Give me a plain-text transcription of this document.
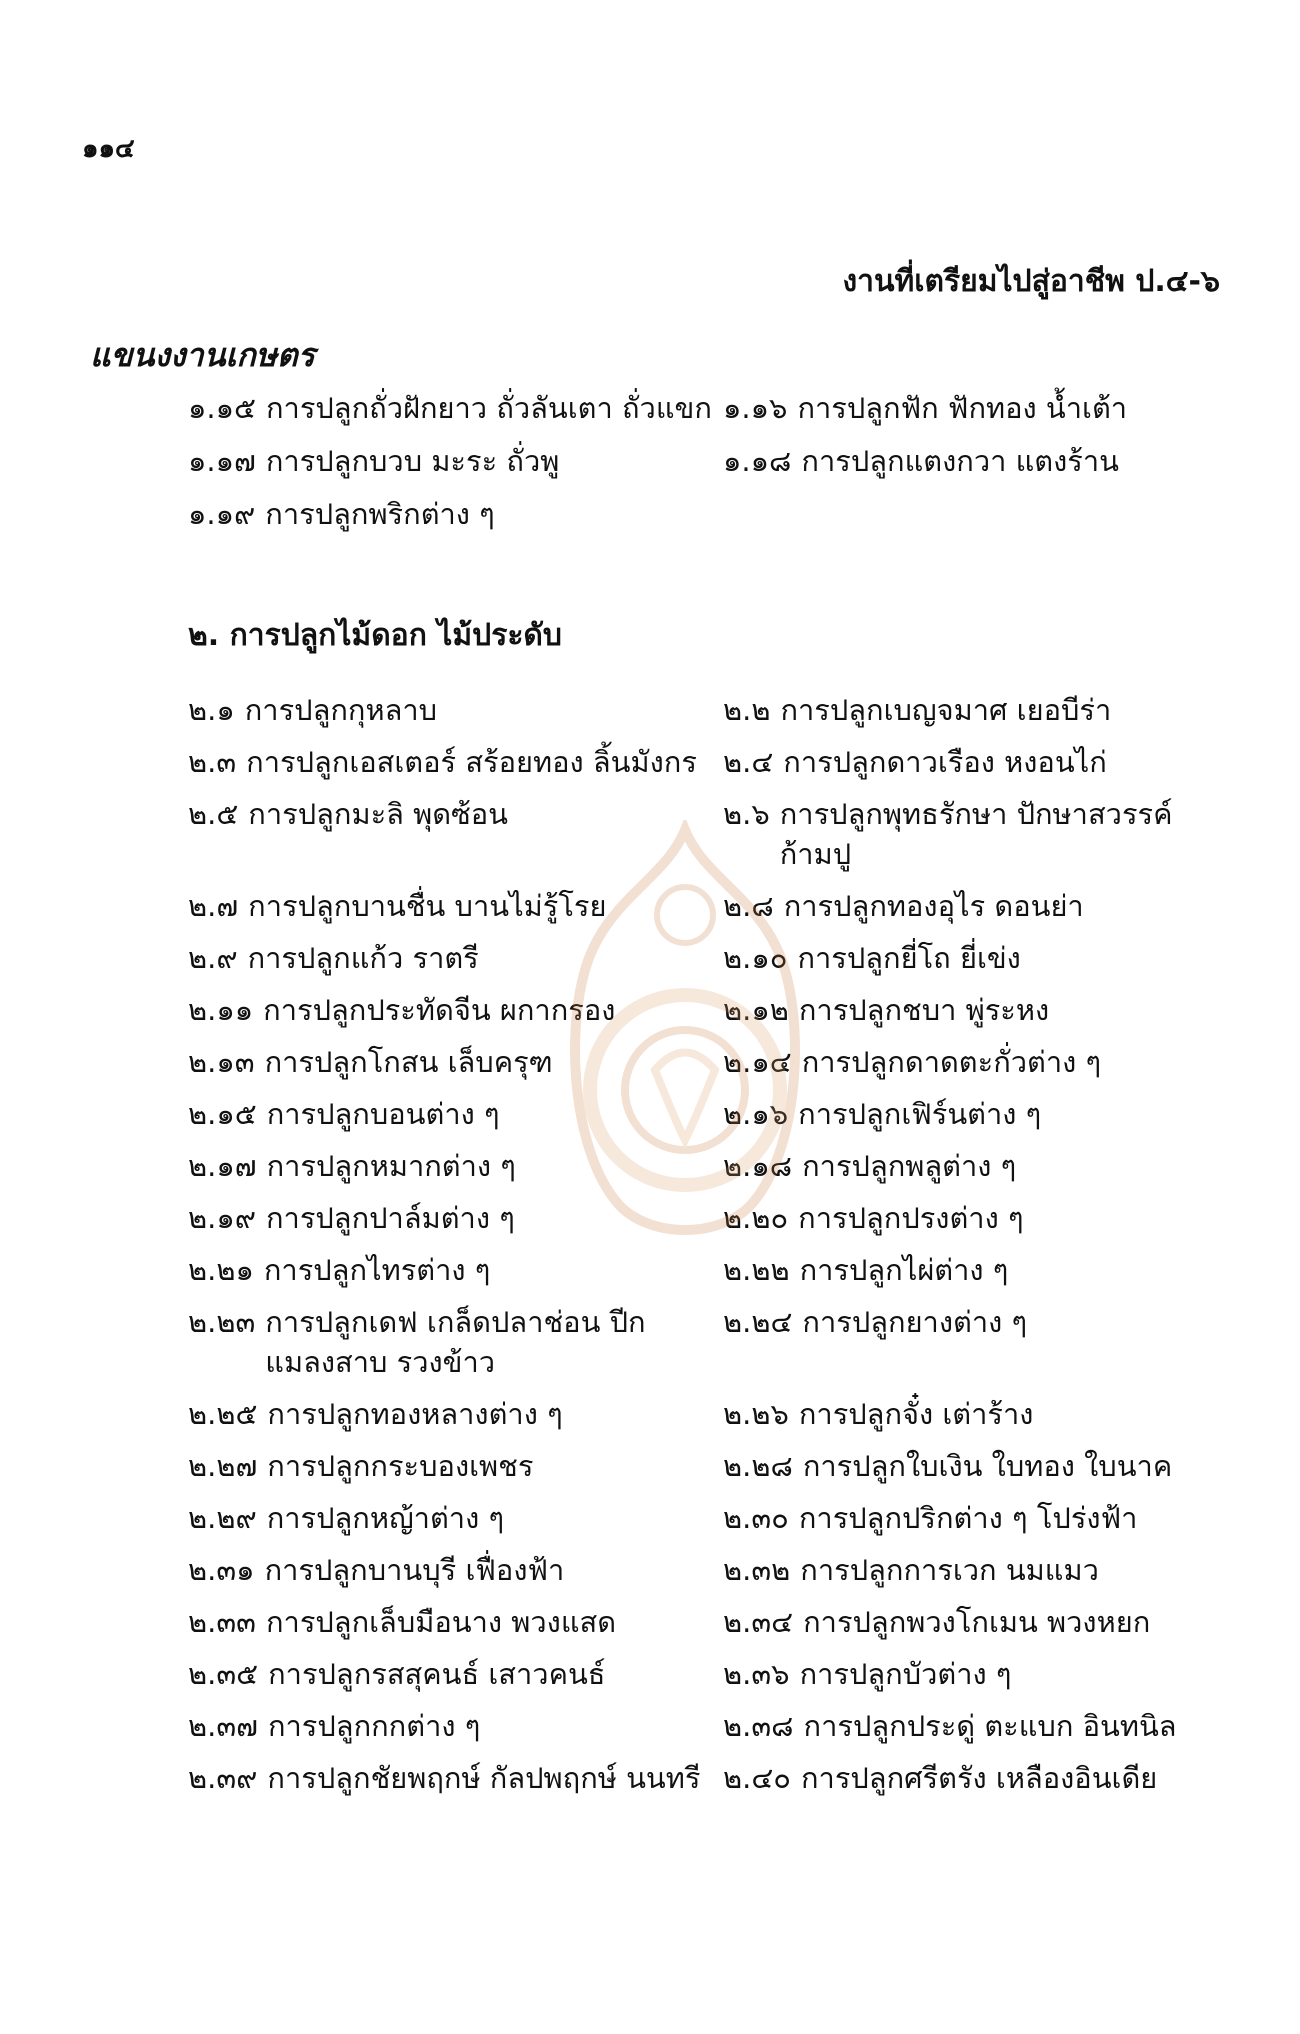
๑๑๔
งานที่เตรียมไปสู่อาชีพ ป.๔-๖
แขนงงานเกษตร
๑.๑๕ การปลูกถั่วฝักยาว ถั่วลันเตา ถั่วแขก ๑.๑๖ การปลูกฟัก ฟักทอง น้ำเต้า
๑.๑๗ การปลูกบวบ มะระ ถั่วพู	๑.๑๘ การปลูกแตงกวา แตงร้าน
๑.๑๙ การปลูกพริกต่าง ๆ
๒. การปลูกไม้ดอก ไม้ประดับ
๒.๑ การปลูกกุหลาบ	๒.๒ การปลูกเบญจมาศ เยอบีร่า
๒.๓ การปลูกเอสเตอร์ สร้อยทอง ลิ้นมังกร ๒.๔ การปลูกดาวเรือง หงอนไก่
๒.๕ การปลูกมะลิ พุดซ้อน	๒.๖ การปลูกพุทธรักษา ปักษาสวรรค์ ก้ามปู
๒.๗ การปลูกบานชื่น บานไม่รู้โรย	๒.๘ การปลูกทองอุไร ดอนย่า
๒.๙ การปลูกแก้ว ราตรี	๒.๑๐ การปลูกยี่โถ ยี่เข่ง
๒.๑๑ การปลูกประทัดจีน ผกากรอง	๒.๑๒ การปลูกชบา พู่ระหง
๒.๑๓ การปลูกโกสน เล็บครุฑ	๒.๑๔ การปลูกดาดตะกั่วต่าง ๆ
๒.๑๕ การปลูกบอนต่าง ๆ	๒.๑๖ การปลูกเฟิร์นต่าง ๆ
๒.๑๗ การปลูกหมากต่าง ๆ	๒.๑๘ การปลูกพลูต่าง ๆ
๒.๑๙ การปลูกปาล์มต่าง ๆ	๒.๒๐ การปลูกปรงต่าง ๆ
๒.๒๑ การปลูกไทรต่าง ๆ	๒.๒๒ การปลูกไผ่ต่าง ๆ
๒.๒๓ การปลูกเดฟ เกล็ดปลาช่อน ปีกแมลงสาบ รวงข้าว
๒.๒๔ การปลูกยางต่าง ๆ
๒.๒๕ การปลูกทองหลางต่าง ๆ	๒.๒๖ การปลูกจั๋ง เต่าร้าง
๒.๒๗ การปลูกกระบองเพชร	๒.๒๘ การปลูกใบเงิน ใบทอง ใบนาค
๒.๒๙ การปลูกหญ้าต่าง ๆ	๒.๓๐ การปลูกปริกต่าง ๆ โปร่งฟ้า
๒.๓๑ การปลูกบานบุรี เฟื่องฟ้า	๒.๓๒ การปลูกการเวก นมแมว
๒.๓๓ การปลูกเล็บมือนาง พวงแสด	๒.๓๔ การปลูกพวงโกเมน พวงหยก
๒.๓๕ การปลูกรสสุคนธ์ เสาวคนธ์	๒.๓๖ การปลูกบัวต่าง ๆ
๒.๓๗ การปลูกกกต่าง ๆ	๒.๓๘ การปลูกประดู่ ตะแบก อินทนิล
๒.๓๙ การปลูกชัยพฤกษ์ กัลปพฤกษ์ นนทรี ๒.๔๐ การปลูกศรีตรัง เหลืองอินเดีย
